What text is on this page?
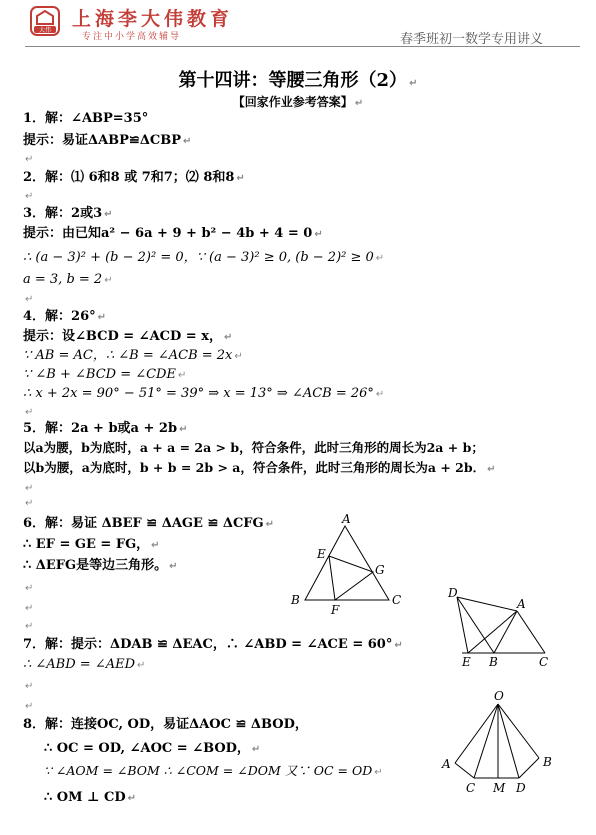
大伟
上海李大伟教育
专注中小学高效辅导	春季班初一数学专用讲义
第十四讲：等腰三角形（2） ↵
【回家作业参考答案】 ↵
1．解：∠ABP=35°
提示：易证ΔABP≌ΔCBP ↵
↵
2．解：⑴ 6和8 或 7和7；⑵ 8和8 ↵
↵
3．解：2或3 ↵
提示：由已知a² − 6a + 9 + b² − 4b + 4 = 0 ↵
∴ (a − 3)² + (b − 2)² = 0，∵ (a − 3)² ≥ 0, (b − 2)² ≥ 0 ↵
a = 3, b = 2 ↵
↵
4．解：26° ↵
提示：设∠BCD = ∠ACD = x， ↵
∵ AB = AC，∴ ∠B = ∠ACB = 2x ↵
∵ ∠B + ∠BCD = ∠CDE ↵
∴ x + 2x = 90° − 51° = 39° ⇒ x = 13° ⇒ ∠ACB = 26° ↵
↵
5．解：2a + b或a + 2b ↵
以a为腰，b为底时，a + a = 2a > b，符合条件，此时三角形的周长为2a + b；
以b为腰，a为底时，b + b = 2b > a，符合条件，此时三角形的周长为a + 2b． ↵
↵
↵
6．解：易证 ΔBEF ≌ ΔAGE ≌ ΔCFG ↵
∴ EF = GE = FG， ↵
∴ ΔEFG是等边三角形。 ↵
↵
↵
↵
7．解：提示：ΔDAB ≌ ΔEAC，∴ ∠ABD = ∠ACE = 60° ↵
∴ ∠ABD = ∠AED ↵
↵
↵
8．解：连接OC, OD，易证ΔAOC ≌ ΔBOD，
∴ OC = OD, ∠AOC = ∠BOD， ↵
∵ ∠AOM = ∠BOM ∴ ∠COM = ∠DOM 又∵ OC = OD ↵
∴ OM ⊥ CD ↵
A
B	C
E
F
G
D
A
E B	C
O
A	B
C M D
